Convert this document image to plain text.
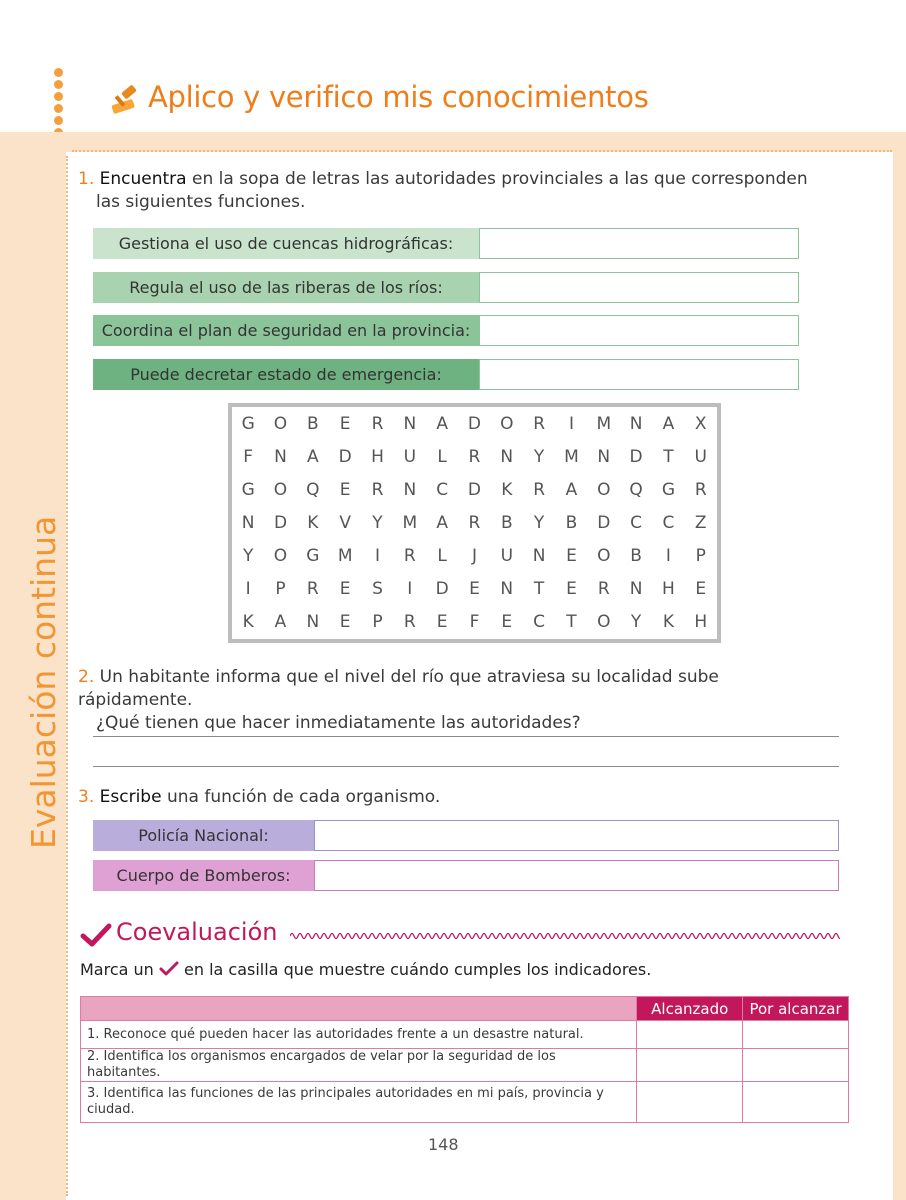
Aplico y verifico mis conocimientos
Evaluación continua
1. Encuentra en la sopa de letras las autoridades provinciales a las que corresponden
las siguientes funciones.
Gestiona el uso de cuencas hidrográficas:
Regula el uso de las riberas de los ríos:
Coordina el plan de seguridad en la provincia:
Puede decretar estado de emergencia:
G	O	B	E	R	N	A	D	O	R	I	M	N	A	X
F	N	A	D	H	U	L	R	N	Y	M	N	D	T	U
G	O	Q	E	R	N	C	D	K	R	A	O	Q	G	R
N	D	K	V	Y	M	A	R	B	Y	B	D	C	C	Z
Y	O	G	M	I	R	L	J	U	N	E	O	B	I	P
I	P	R	E	S	I	D	E	N	T	E	R	N	H	E
K	A	N	E	P	R	E	F	E	C	T	O	Y	K	H
2. Un habitante informa que el nivel del río que atraviesa su localidad sube rápidamente.
¿Qué tienen que hacer inmediatamente las autoridades?
3. Escribe una función de cada organismo.
Policía Nacional:
Cuerpo de Bomberos:
Coevaluación
Marca un en la casilla que muestre cuándo cumples los indicadores.
	Alcanzado	Por alcanzar
1. Reconoce qué pueden hacer las autoridades frente a un desastre natural.		
2. Identifica los organismos encargados de velar por la seguridad de los habitantes.		

3. Identifica las funciones de las principales autoridades en mi país, provincia y ciudad.		

148
